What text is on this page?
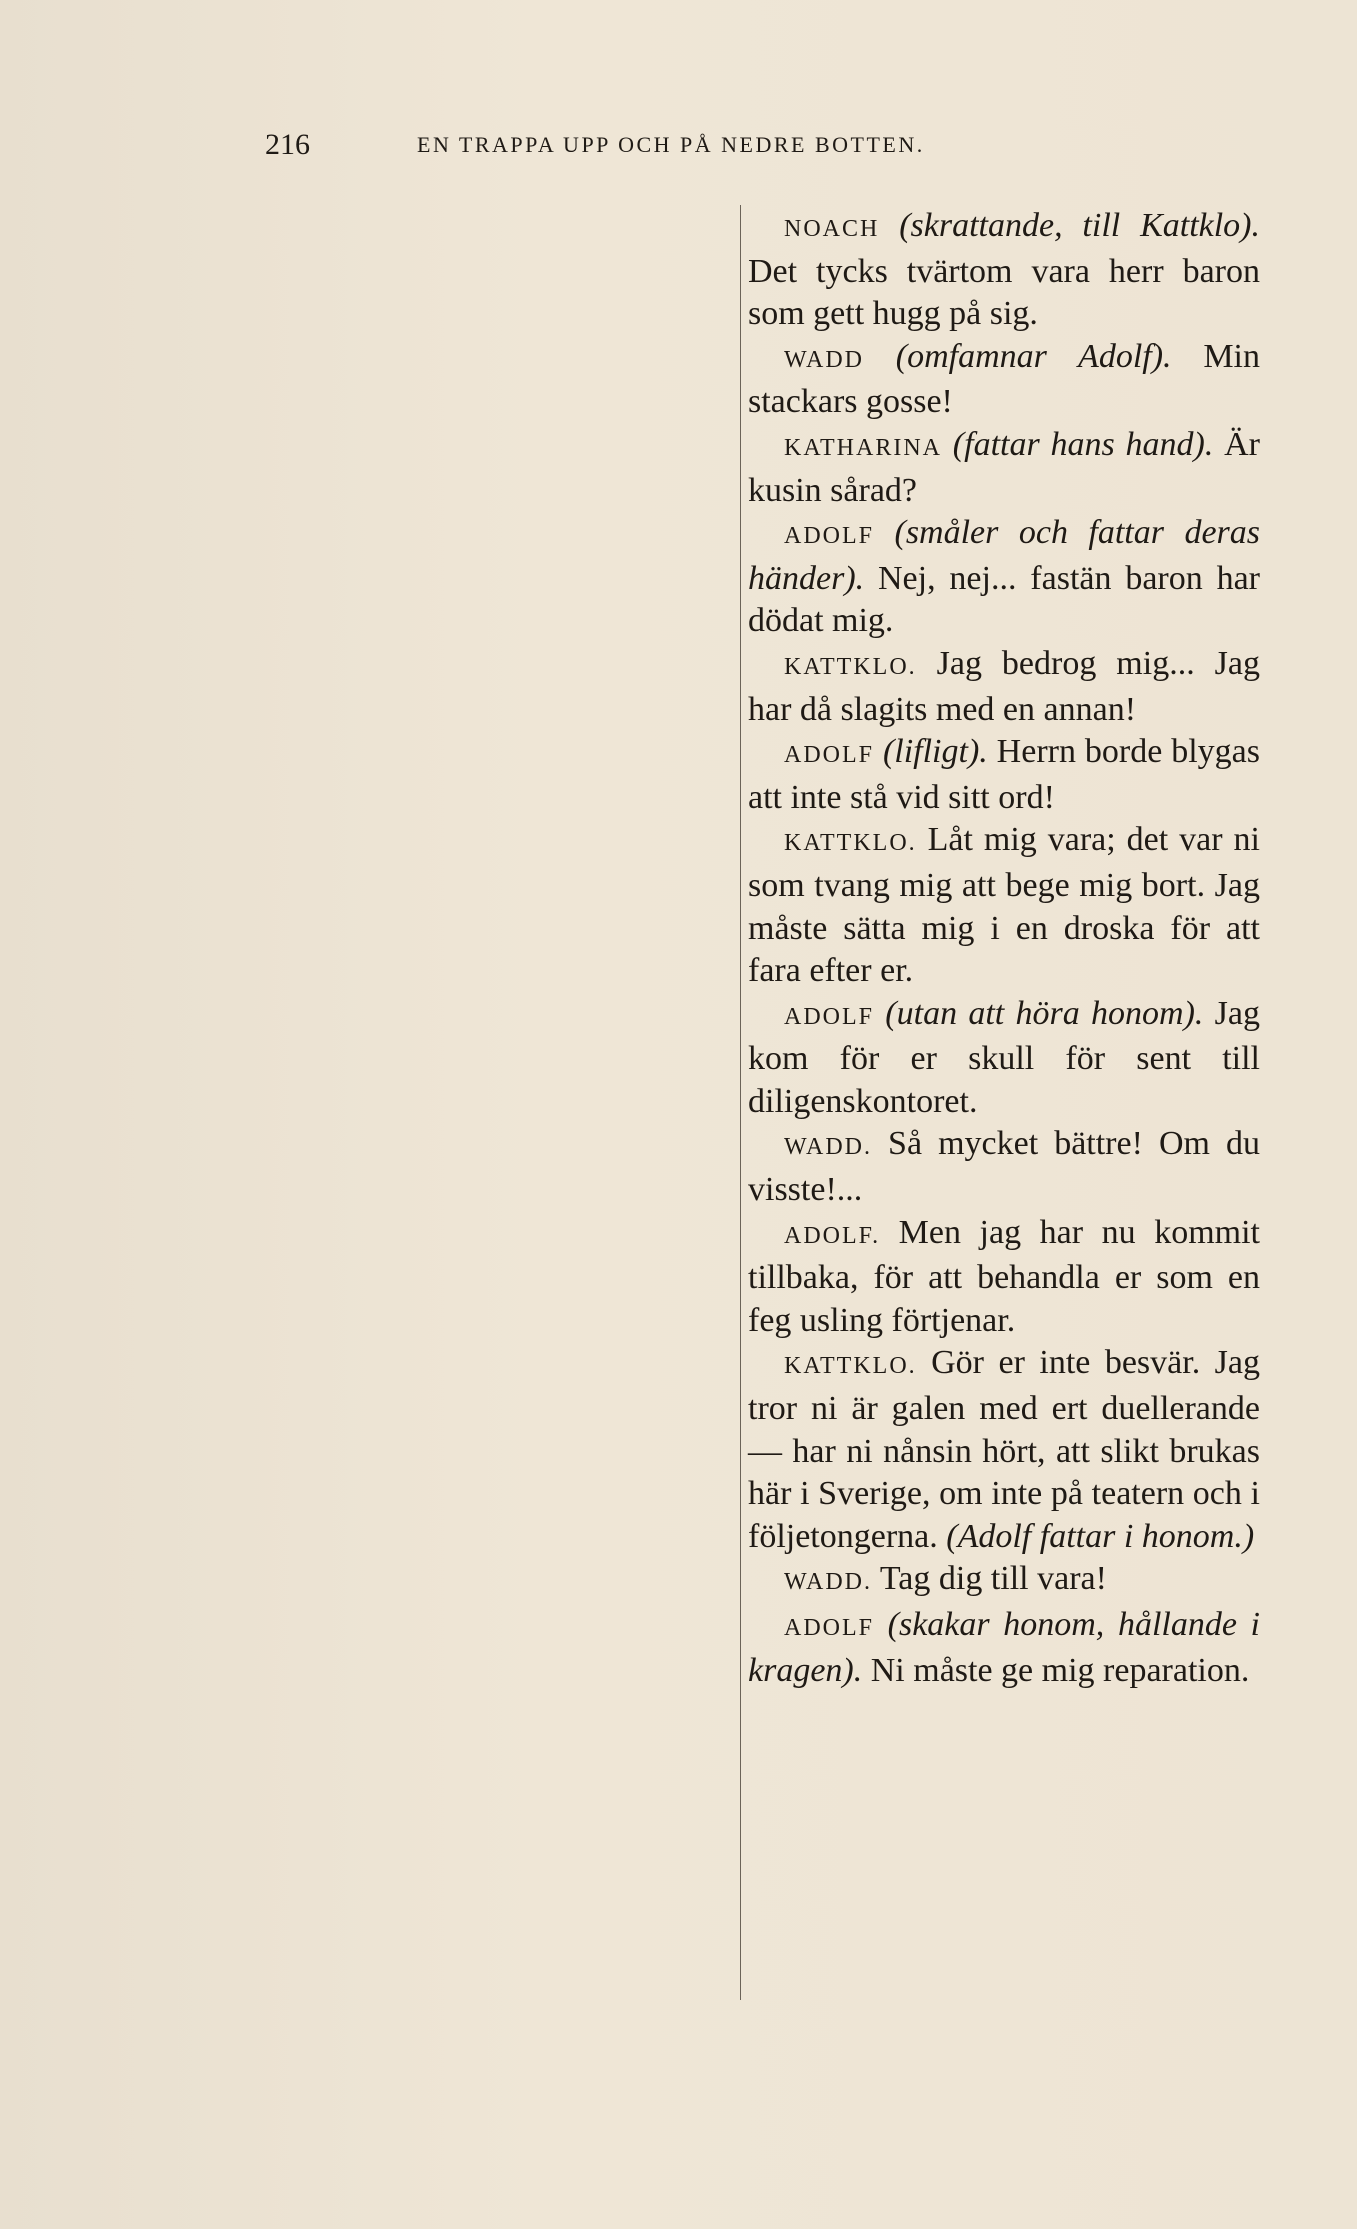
216	EN TRAPPA UPP OCH PÅ NEDRE BOTTEN.

NOACH (skrattande, till Kattklo). Det tycks tvärtom vara herr baron som gett hugg på sig.

WADD (omfamnar Adolf). Min stackars gosse!

KATHARINA (fattar hans hand). Är kusin sårad?

ADOLF (småler och fattar deras händer). Nej, nej... fastän baron har dödat mig.

KATTKLO. Jag bedrog mig... Jag har då slagits med en annan!

ADOLF (lifligt). Herrn borde blygas att inte stå vid sitt ord!

KATTKLO. Låt mig vara; det var ni som tvang mig att bege mig bort. Jag måste sätta mig i en droska för att fara efter er.

ADOLF (utan att höra honom). Jag kom för er skull för sent till diligenskontoret.

WADD. Så mycket bättre! Om du visste!...

ADOLF. Men jag har nu kommit tillbaka, för att behandla er som en feg usling förtjenar.

KATTKLO. Gör er inte besvär. Jag tror ni är galen med ert duellerande — har ni nånsin hört, att slikt brukas här i Sverige, om inte på teatern och i följetongerna. (Adolf fattar i honom.)

WADD. Tag dig till vara!

ADOLF (skakar honom, hållande i kragen). Ni måste ge mig reparation.
